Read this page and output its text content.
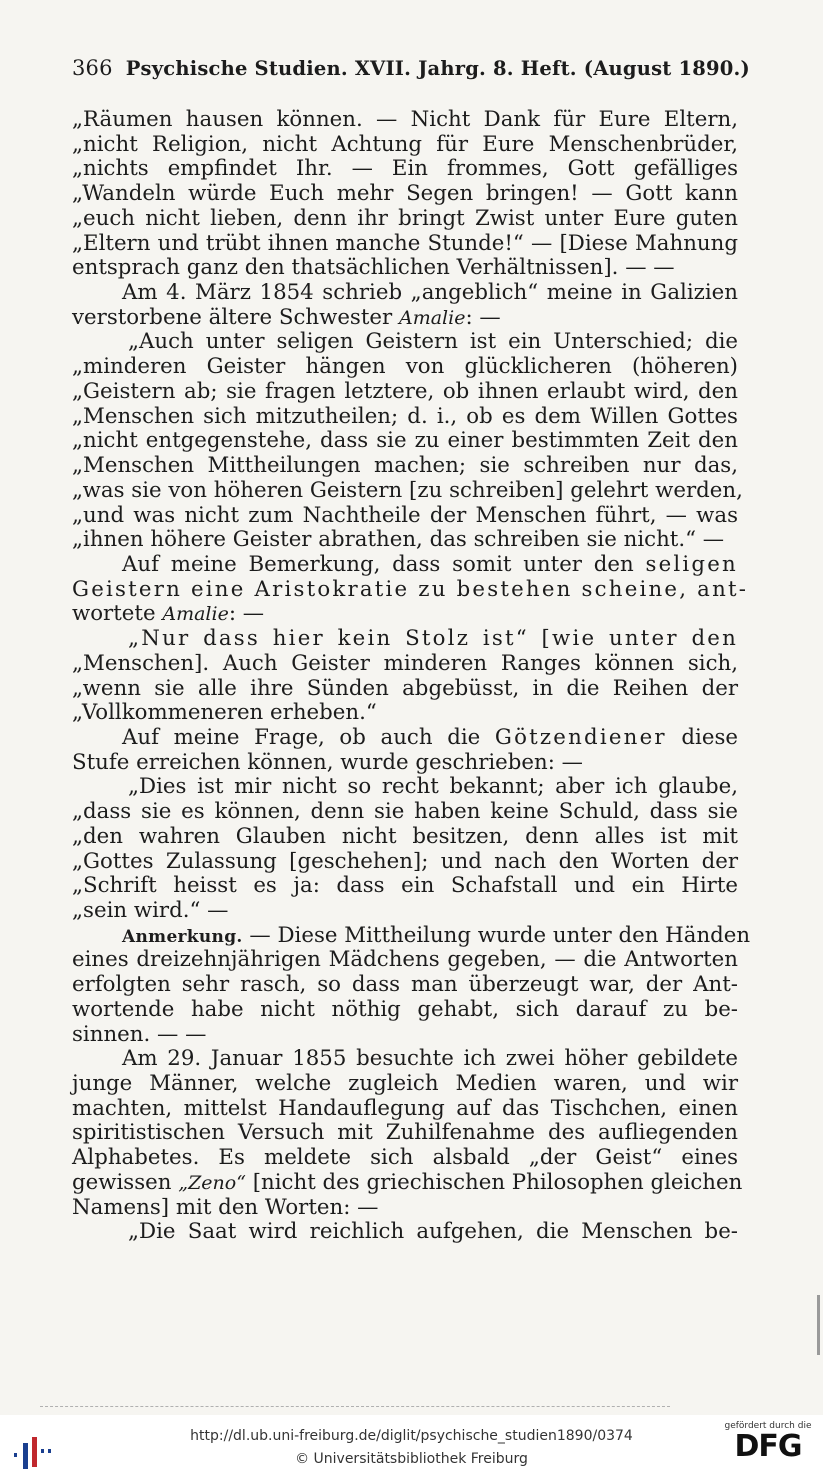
366 Psychische Studien. XVII. Jahrg. 8. Heft. (August 1890.)
„Räumen hausen können. — Nicht Dank für Eure Eltern,
„nicht Religion, nicht Achtung für Eure Menschenbrüder,
„nichts empfindet Ihr. — Ein frommes, Gott gefälliges
„Wandeln würde Euch mehr Segen bringen! — Gott kann
„euch nicht lieben, denn ihr bringt Zwist unter Eure guten
„Eltern und trübt ihnen manche Stunde!“ — [Diese Mahnung
entsprach ganz den thatsächlichen Verhältnissen]. — —
Am 4. März 1854 schrieb „angeblich“ meine in Galizien
verstorbene ältere Schwester Amalie: —
„Auch unter seligen Geistern ist ein Unterschied; die
„minderen Geister hängen von glücklicheren (höheren)
„Geistern ab; sie fragen letztere, ob ihnen erlaubt wird, den
„Menschen sich mitzutheilen; d. i., ob es dem Willen Gottes
„nicht entgegenstehe, dass sie zu einer bestimmten Zeit den
„Menschen Mittheilungen machen; sie schreiben nur das,
„was sie von höheren Geistern [zu schreiben] gelehrt werden,
„und was nicht zum Nachtheile der Menschen führt, — was
„ihnen höhere Geister abrathen, das schreiben sie nicht.“ —
Auf meine Bemerkung, dass somit unter den seligen
Geistern eine Aristokratie zu bestehen scheine, ant-
wortete Amalie: —
„Nur dass hier kein Stolz ist“ [wie unter den
„Menschen]. Auch Geister minderen Ranges können sich,
„wenn sie alle ihre Sünden abgebüsst, in die Reihen der
„Vollkommeneren erheben.“
Auf meine Frage, ob auch die Götzendiener diese
Stufe erreichen können, wurde geschrieben: —
„Dies ist mir nicht so recht bekannt; aber ich glaube,
„dass sie es können, denn sie haben keine Schuld, dass sie
„den wahren Glauben nicht besitzen, denn alles ist mit
„Gottes Zulassung [geschehen]; und nach den Worten der
„Schrift heisst es ja: dass ein Schafstall und ein Hirte
„sein wird.“ —
Anmerkung. — Diese Mittheilung wurde unter den Händen
eines dreizehnjährigen Mädchens gegeben, — die Antworten
erfolgten sehr rasch, so dass man überzeugt war, der Ant-
wortende habe nicht nöthig gehabt, sich darauf zu be-
sinnen. — —
Am 29. Januar 1855 besuchte ich zwei höher gebildete
junge Männer, welche zugleich Medien waren, und wir
machten, mittelst Handauflegung auf das Tischchen, einen
spiritistischen Versuch mit Zuhilfenahme des aufliegenden
Alphabetes. Es meldete sich alsbald „der Geist“ eines
gewissen „Zeno“ [nicht des griechischen Philosophen gleichen
Namens] mit den Worten: —
„Die Saat wird reichlich aufgehen, die Menschen be-
http://dl.ub.uni-freiburg.de/diglit/psychische_studien1890/0374
© Universitätsbibliothek Freiburg
gefördert durch die
DFG
